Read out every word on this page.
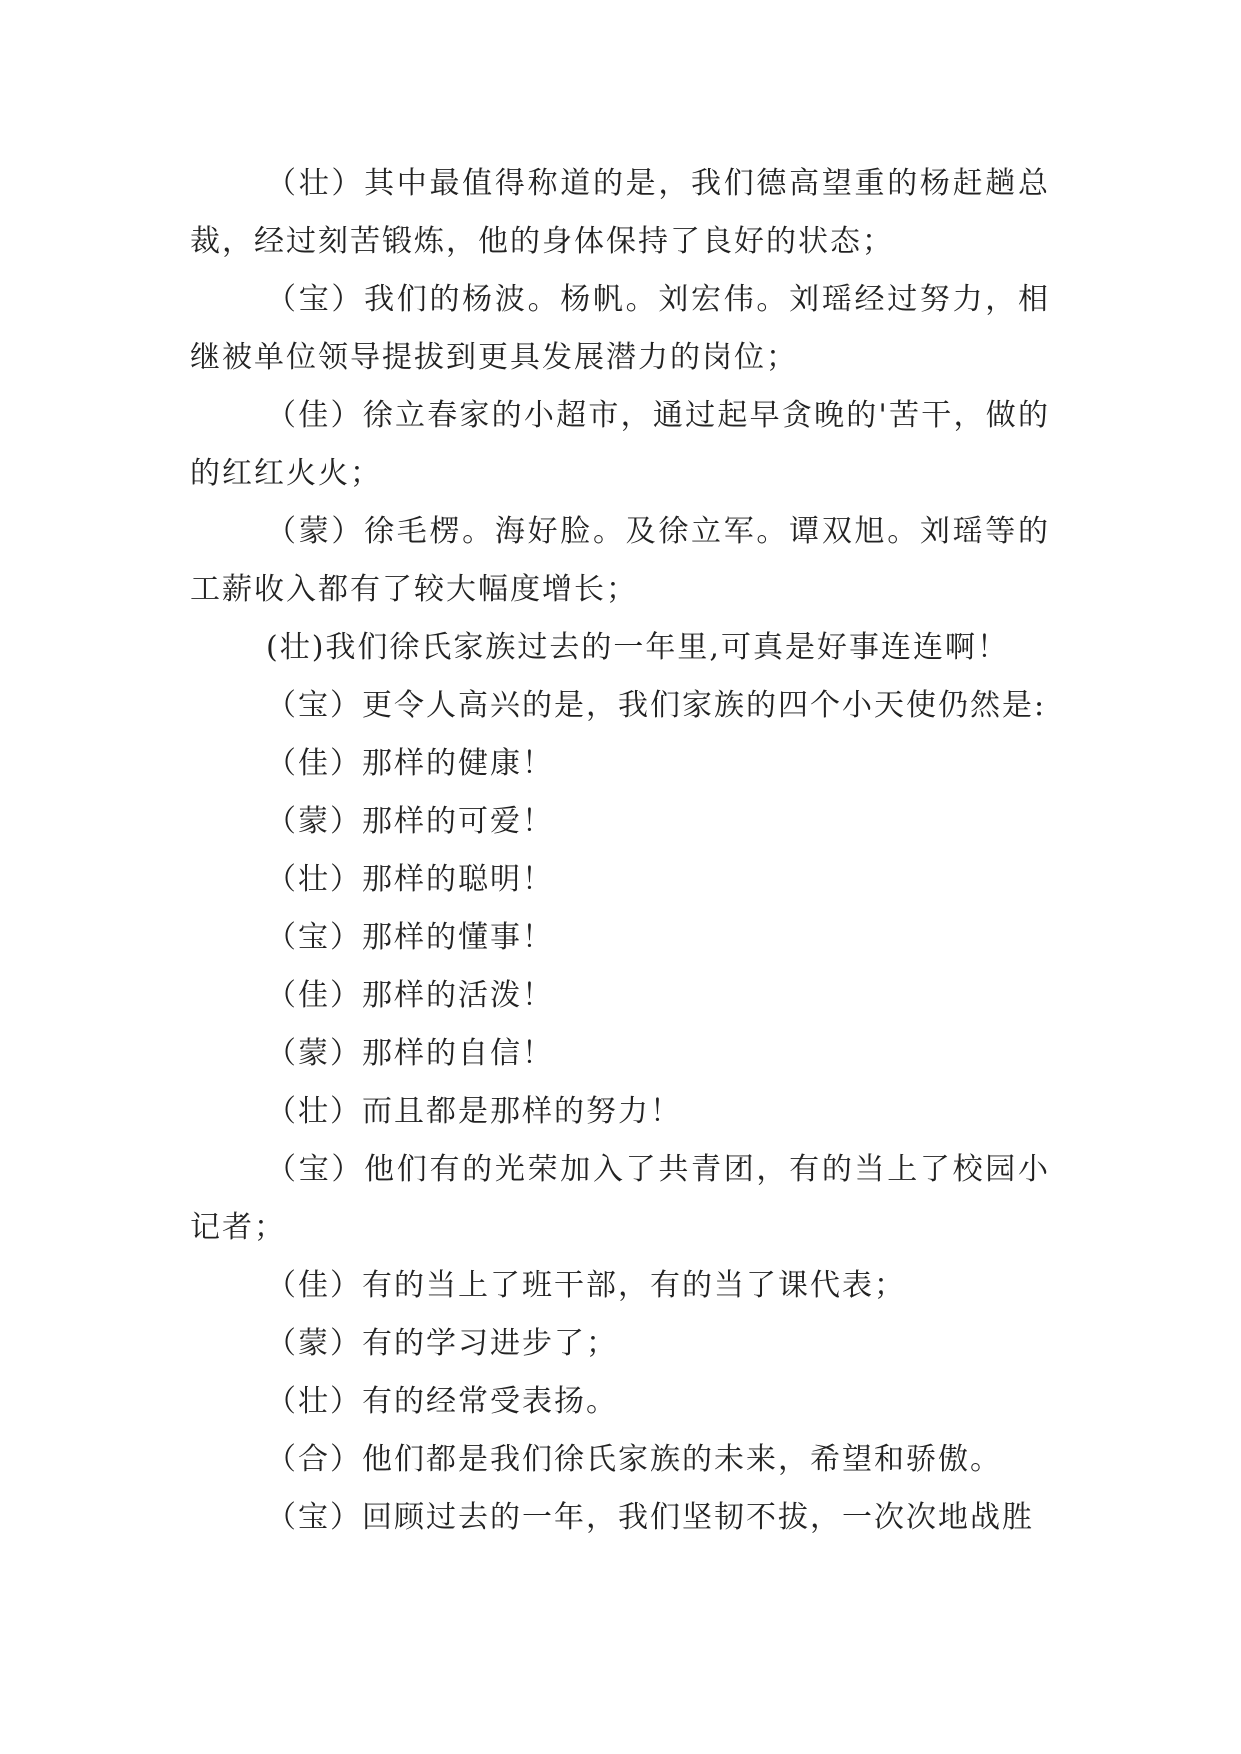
（壮）其中最值得称道的是，我们德高望重的杨赶趟总裁，经过刻苦锻炼，他的身体保持了良好的状态；

（宝）我们的杨波。杨帆。刘宏伟。刘瑶经过努力，相继被单位领导提拔到更具发展潜力的岗位；

（佳）徐立春家的小超市，通过起早贪晚的'苦干，做的的红红火火；

（蒙）徐毛楞。海好脸。及徐立军。谭双旭。刘瑶等的工薪收入都有了较大幅度增长；

(壮)我们徐氏家族过去的一年里,可真是好事连连啊！

（宝）更令人高兴的是，我们家族的四个小天使仍然是:

（佳）那样的健康！

（蒙）那样的可爱！

（壮）那样的聪明！

（宝）那样的懂事！

（佳）那样的活泼！

（蒙）那样的自信！

（壮）而且都是那样的努力！

（宝）他们有的光荣加入了共青团，有的当上了校园小记者；

（佳）有的当上了班干部，有的当了课代表；

（蒙）有的学习进步了；

（壮）有的经常受表扬。

（合）他们都是我们徐氏家族的未来，希望和骄傲。

（宝）回顾过去的一年，我们坚韧不拔，一次次地战胜
